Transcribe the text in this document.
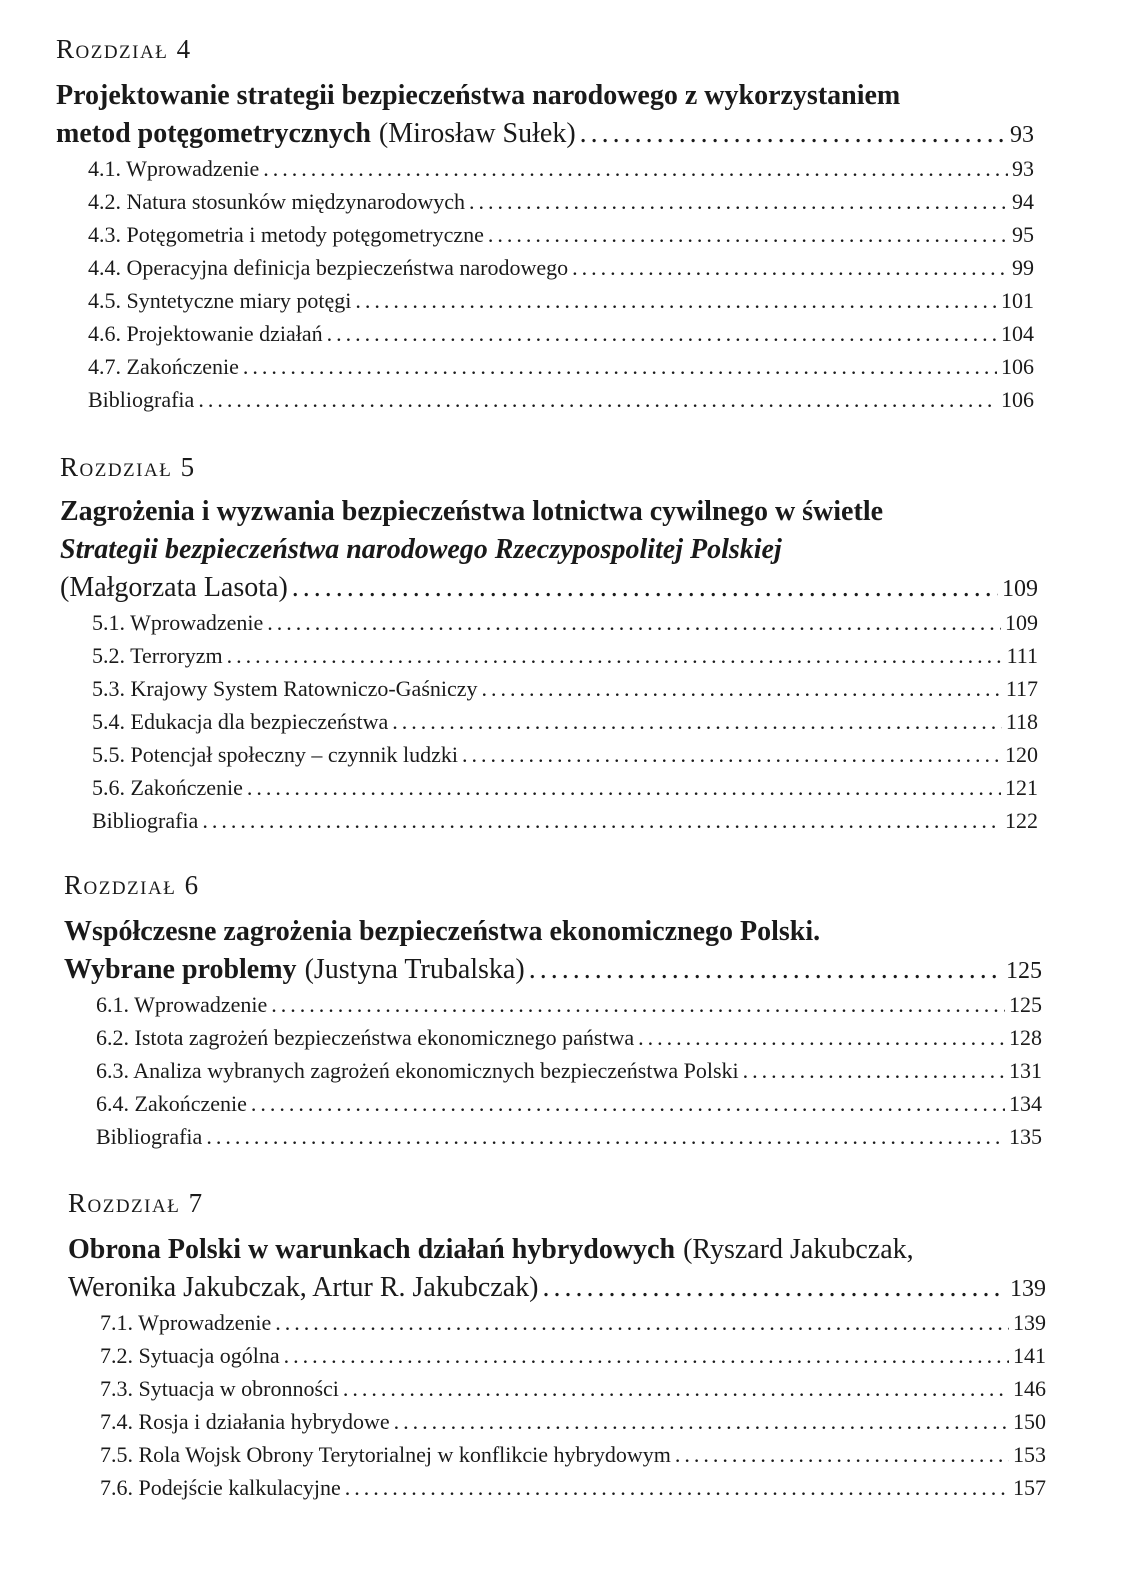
Rozdział 4
Projektowanie strategii bezpieczeństwa narodowego z wykorzystaniem
metod potęgometrycznych (Mirosław Sułek) .....	93
4.1. Wprowadzenie .....	93
4.2. Natura stosunków międzynarodowych .....	94
4.3. Potęgometria i metody potęgometryczne .....	95
4.4. Operacyjna definicja bezpieczeństwa narodowego .....	99
4.5. Syntetyczne miary potęgi .....	101
4.6. Projektowanie działań .....	104
4.7. Zakończenie .....	106
Bibliografia .....	106
Rozdział 5
Zagrożenia i wyzwania bezpieczeństwa lotnictwa cywilnego w świetle
Strategii bezpieczeństwa narodowego Rzeczypospolitej Polskiej
(Małgorzata Lasota) .....	109
5.1. Wprowadzenie .....	109
5.2. Terroryzm .....	111
5.3. Krajowy System Ratowniczo-Gaśniczy .....	117
5.4. Edukacja dla bezpieczeństwa .....	118
5.5. Potencjał społeczny – czynnik ludzki .....	120
5.6. Zakończenie .....	121
Bibliografia .....	122
Rozdział 6
Współczesne zagrożenia bezpieczeństwa ekonomicznego Polski.
Wybrane problemy (Justyna Trubalska) .....	125
6.1. Wprowadzenie .....	125
6.2. Istota zagrożeń bezpieczeństwa ekonomicznego państwa .....	128
6.3. Analiza wybranych zagrożeń ekonomicznych bezpieczeństwa Polski .....	131
6.4. Zakończenie .....	134
Bibliografia .....	135
Rozdział 7
Obrona Polski w warunkach działań hybrydowych (Ryszard Jakubczak,
Weronika Jakubczak, Artur R. Jakubczak) .....	139
7.1. Wprowadzenie .....	139
7.2. Sytuacja ogólna .....	141
7.3. Sytuacja w obronności .....	146
7.4. Rosja i działania hybrydowe .....	150
7.5. Rola Wojsk Obrony Terytorialnej w konflikcie hybrydowym .....	153
7.6. Podejście kalkulacyjne .....	157
